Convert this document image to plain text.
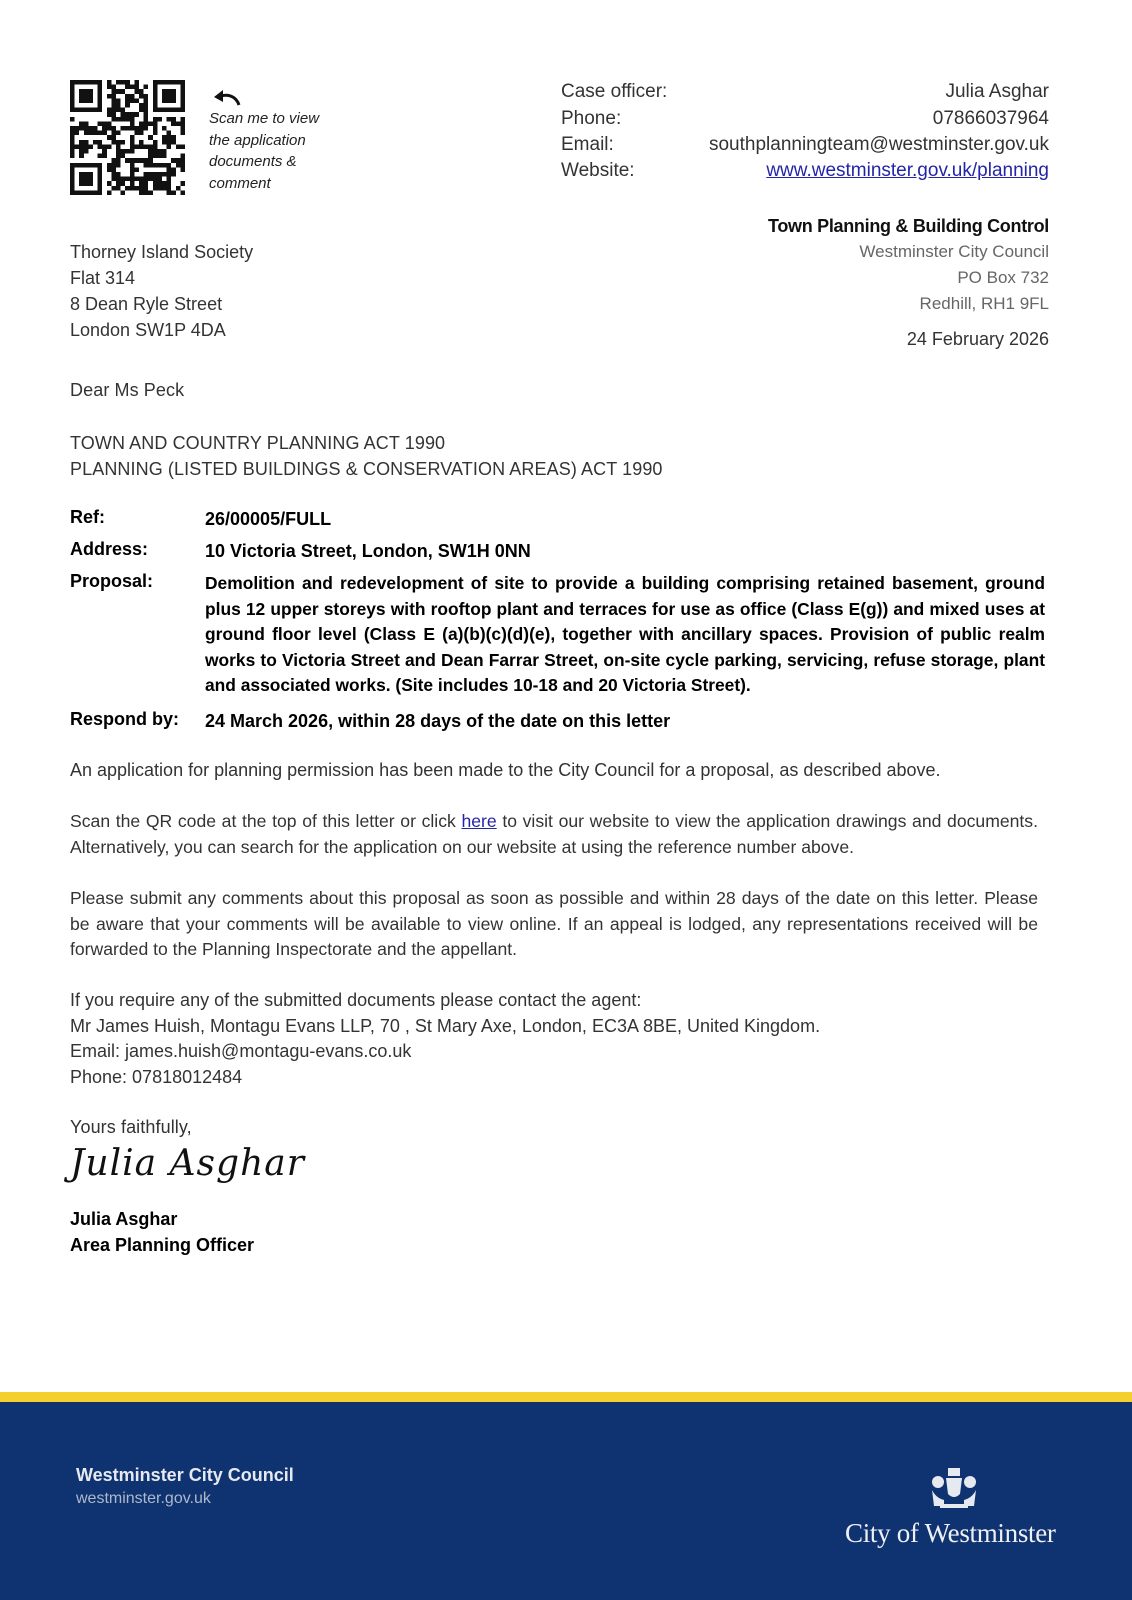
Scan me to view
the application
documents &
comment
Case officer:	Julia Asghar
Phone:	07866037964
Email:	southplanningteam@westminster.gov.uk
Website:	www.westminster.gov.uk/planning
Town Planning & Building Control
Westminster City Council
PO Box 732
Redhill, RH1 9FL
24 February 2026
Thorney Island Society
Flat 314
8 Dean Ryle Street
London SW1P 4DA
Dear Ms Peck
TOWN AND COUNTRY PLANNING ACT 1990
PLANNING (LISTED BUILDINGS & CONSERVATION AREAS) ACT 1990
Ref:	26/00005/FULL
Address:	10 Victoria Street, London, SW1H 0NN
Proposal:	Demolition and redevelopment of site to provide a building comprising retained basement, ground plus 12 upper storeys with rooftop plant and terraces for use as office (Class E(g)) and mixed uses at ground floor level (Class E (a)(b)(c)(d)(e), together with ancillary spaces. Provision of public realm works to Victoria Street and Dean Farrar Street, on-site cycle parking, servicing, refuse storage, plant and associated works. (Site includes 10-18 and 20 Victoria Street).
Respond by: 24 March 2026, within 28 days of the date on this letter
An application for planning permission has been made to the City Council for a proposal, as described above.
Scan the QR code at the top of this letter or click here to visit our website to view the application drawings and documents. Alternatively, you can search for the application on our website at using the reference number above.
Please submit any comments about this proposal as soon as possible and within 28 days of the date on this letter. Please be aware that your comments will be available to view online. If an appeal is lodged, any representations received will be forwarded to the Planning Inspectorate and the appellant.
If you require any of the submitted documents please contact the agent:
Mr James Huish, Montagu Evans LLP, 70 , St Mary Axe, London, EC3A 8BE, United Kingdom.
Email: james.huish@montagu-evans.co.uk
Phone: 07818012484
Yours faithfully,
Julia Asghar
Julia Asghar
Area Planning Officer
Westminster City Council
westminster.gov.uk
City of Westminster
